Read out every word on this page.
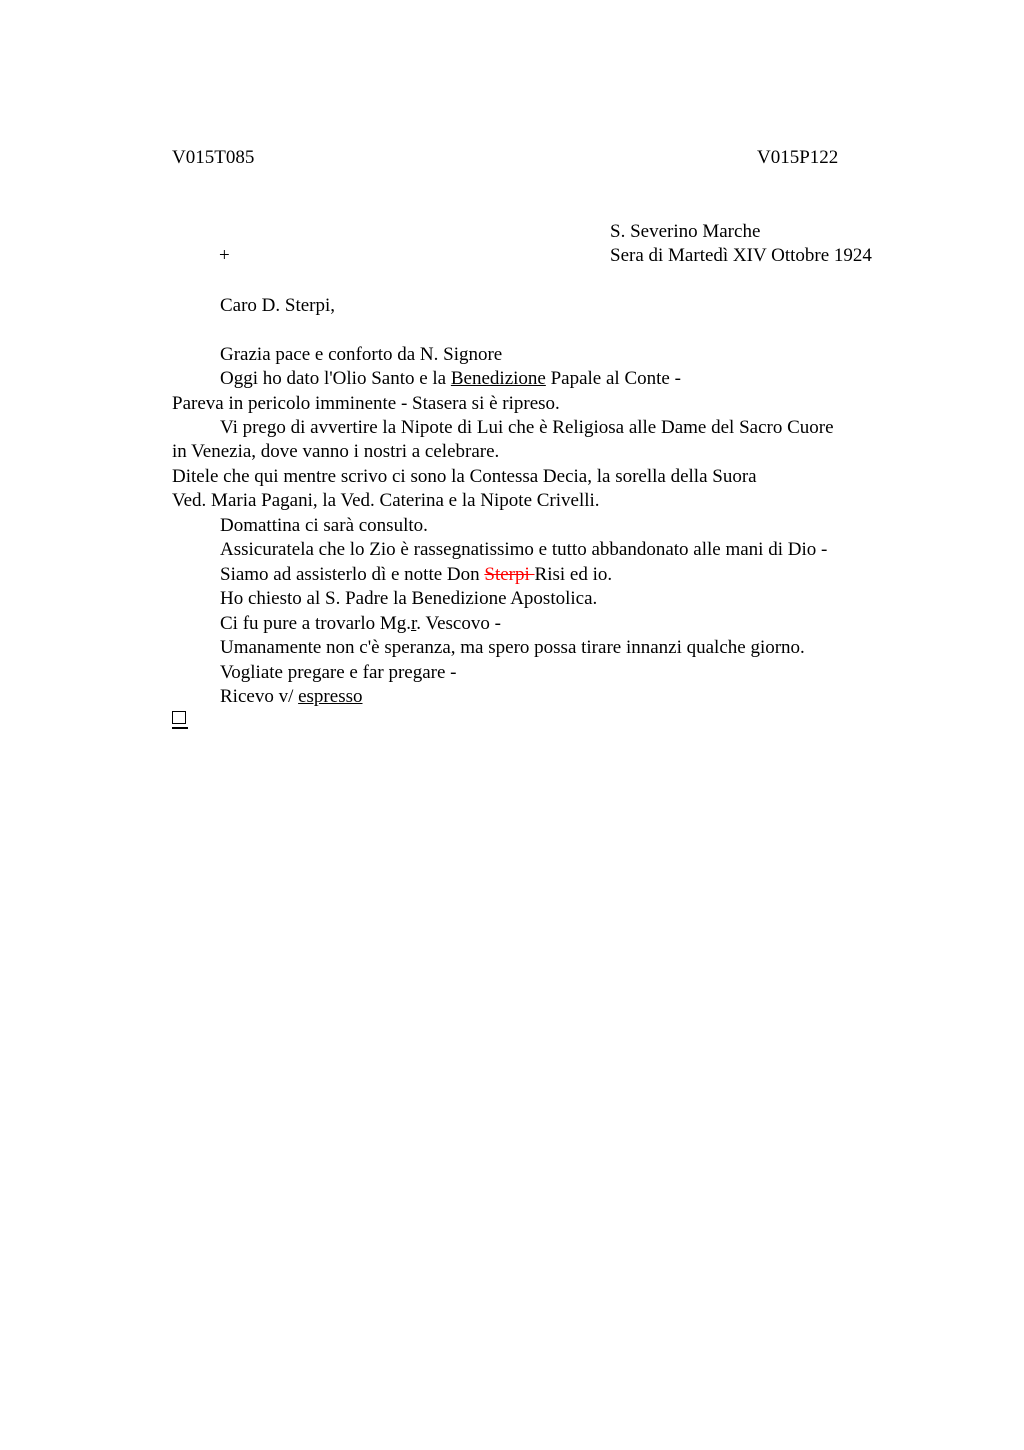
V015T085	V015P122
S. Severino Marche
+	Sera di Martedì XIV Ottobre 1924
Caro D. Sterpi,
Grazia pace e conforto da N. Signore
Oggi ho dato l'Olio Santo e la Benedizione Papale al Conte -
Pareva in pericolo imminente - Stasera si è ripreso.
Vi prego di avvertire la Nipote di Lui che è Religiosa alle Dame del Sacro Cuore
in Venezia, dove vanno i nostri a celebrare.
Ditele che qui mentre scrivo ci sono la Contessa Decia, la sorella della Suora
Ved. Maria Pagani, la Ved. Caterina e la Nipote Crivelli.
Domattina ci sarà consulto.
Assicuratela che lo Zio è rassegnatissimo e tutto abbandonato alle mani di Dio -
Siamo ad assisterlo dì e notte Don Sterpi Risi ed io.
Ho chiesto al S. Padre la Benedizione Apostolica.
Ci fu pure a trovarlo Mg.r. Vescovo -
Umanamente non c'è speranza, ma spero possa tirare innanzi qualche giorno.
Vogliate pregare e far pregare -
Ricevo v/ espresso
